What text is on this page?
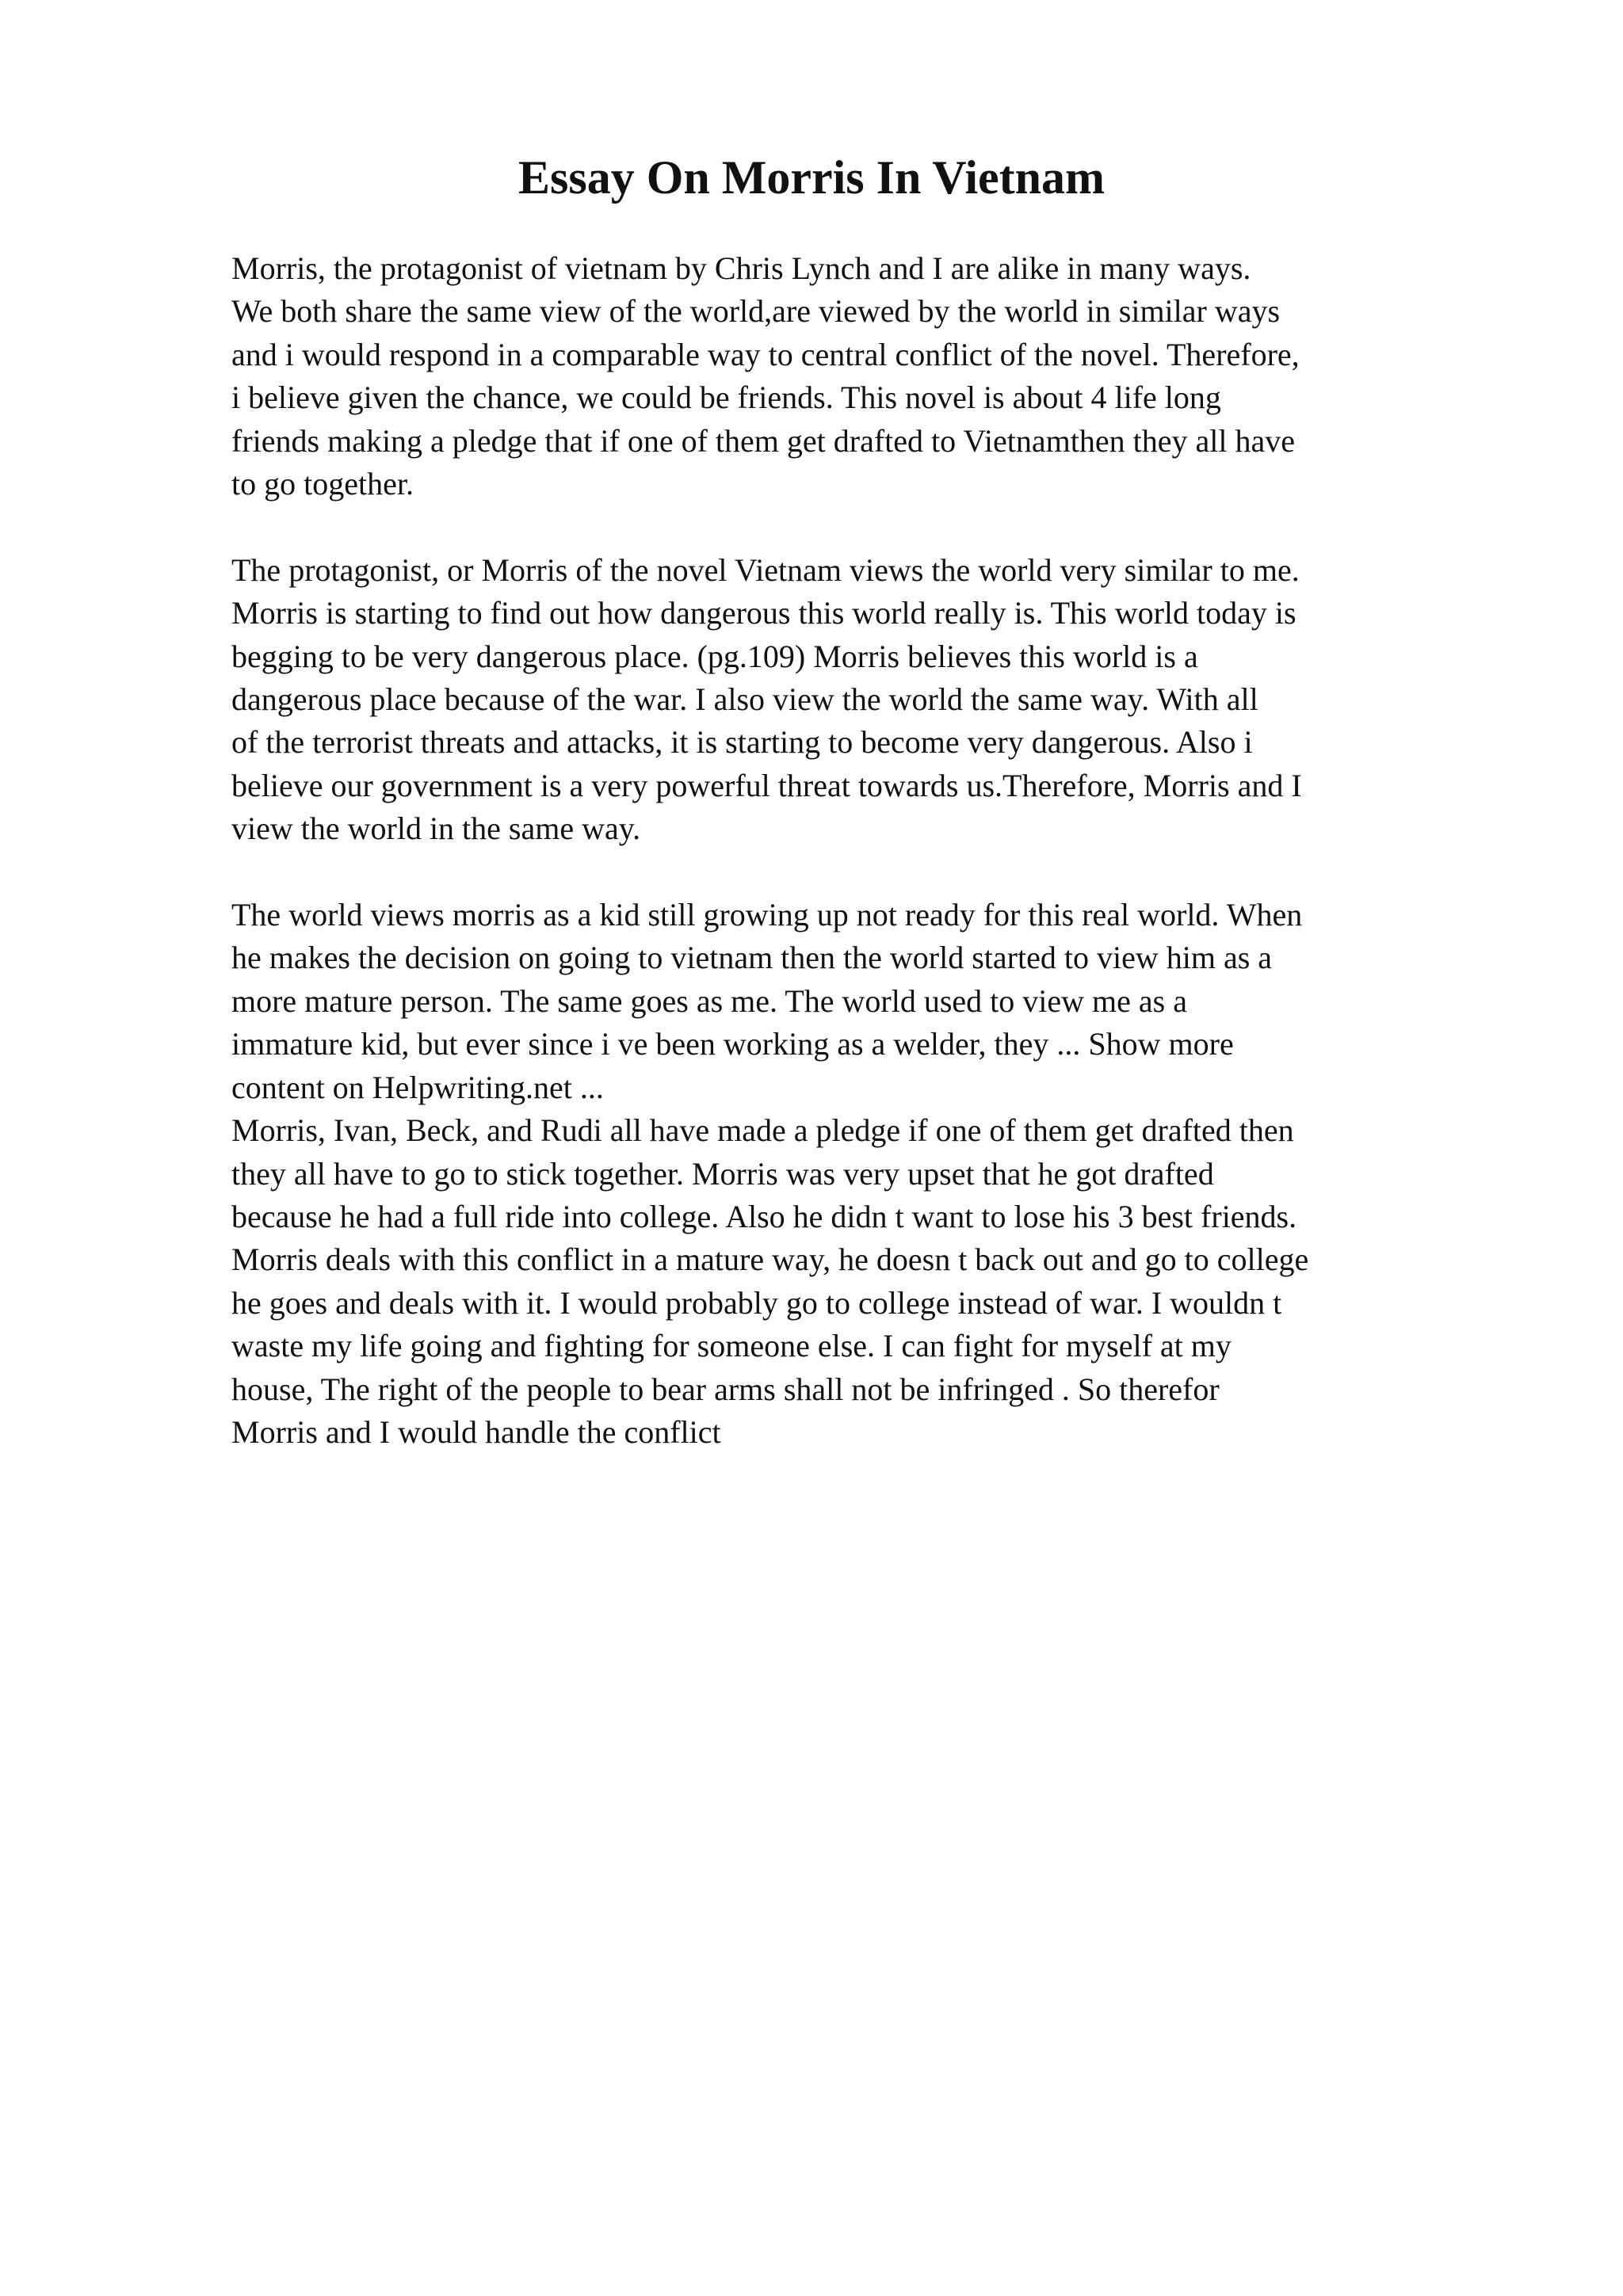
Essay On Morris In Vietnam

Morris, the protagonist of vietnam by Chris Lynch and I are alike in many ways.
We both share the same view of the world,are viewed by the world in similar ways
and i would respond in a comparable way to central conflict of the novel. Therefore,
i believe given the chance, we could be friends. This novel is about 4 life long
friends making a pledge that if one of them get drafted to Vietnamthen they all have
to go together.

The protagonist, or Morris of the novel Vietnam views the world very similar to me.
Morris is starting to find out how dangerous this world really is. This world today is
begging to be very dangerous place. (pg.109) Morris believes this world is a
dangerous place because of the war. I also view the world the same way. With all
of the terrorist threats and attacks, it is starting to become very dangerous. Also i
believe our government is a very powerful threat towards us.Therefore, Morris and I
view the world in the same way.

The world views morris as a kid still growing up not ready for this real world. When
he makes the decision on going to vietnam then the world started to view him as a
more mature person. The same goes as me. The world used to view me as a
immature kid, but ever since i ve been working as a welder, they ... Show more
content on Helpwriting.net ...

Morris, Ivan, Beck, and Rudi all have made a pledge if one of them get drafted then
they all have to go to stick together. Morris was very upset that he got drafted
because he had a full ride into college. Also he didn t want to lose his 3 best friends.
Morris deals with this conflict in a mature way, he doesn t back out and go to college
he goes and deals with it. I would probably go to college instead of war. I wouldn t
waste my life going and fighting for someone else. I can fight for myself at my
house, The right of the people to bear arms shall not be infringed . So therefor
Morris and I would handle the conflict
